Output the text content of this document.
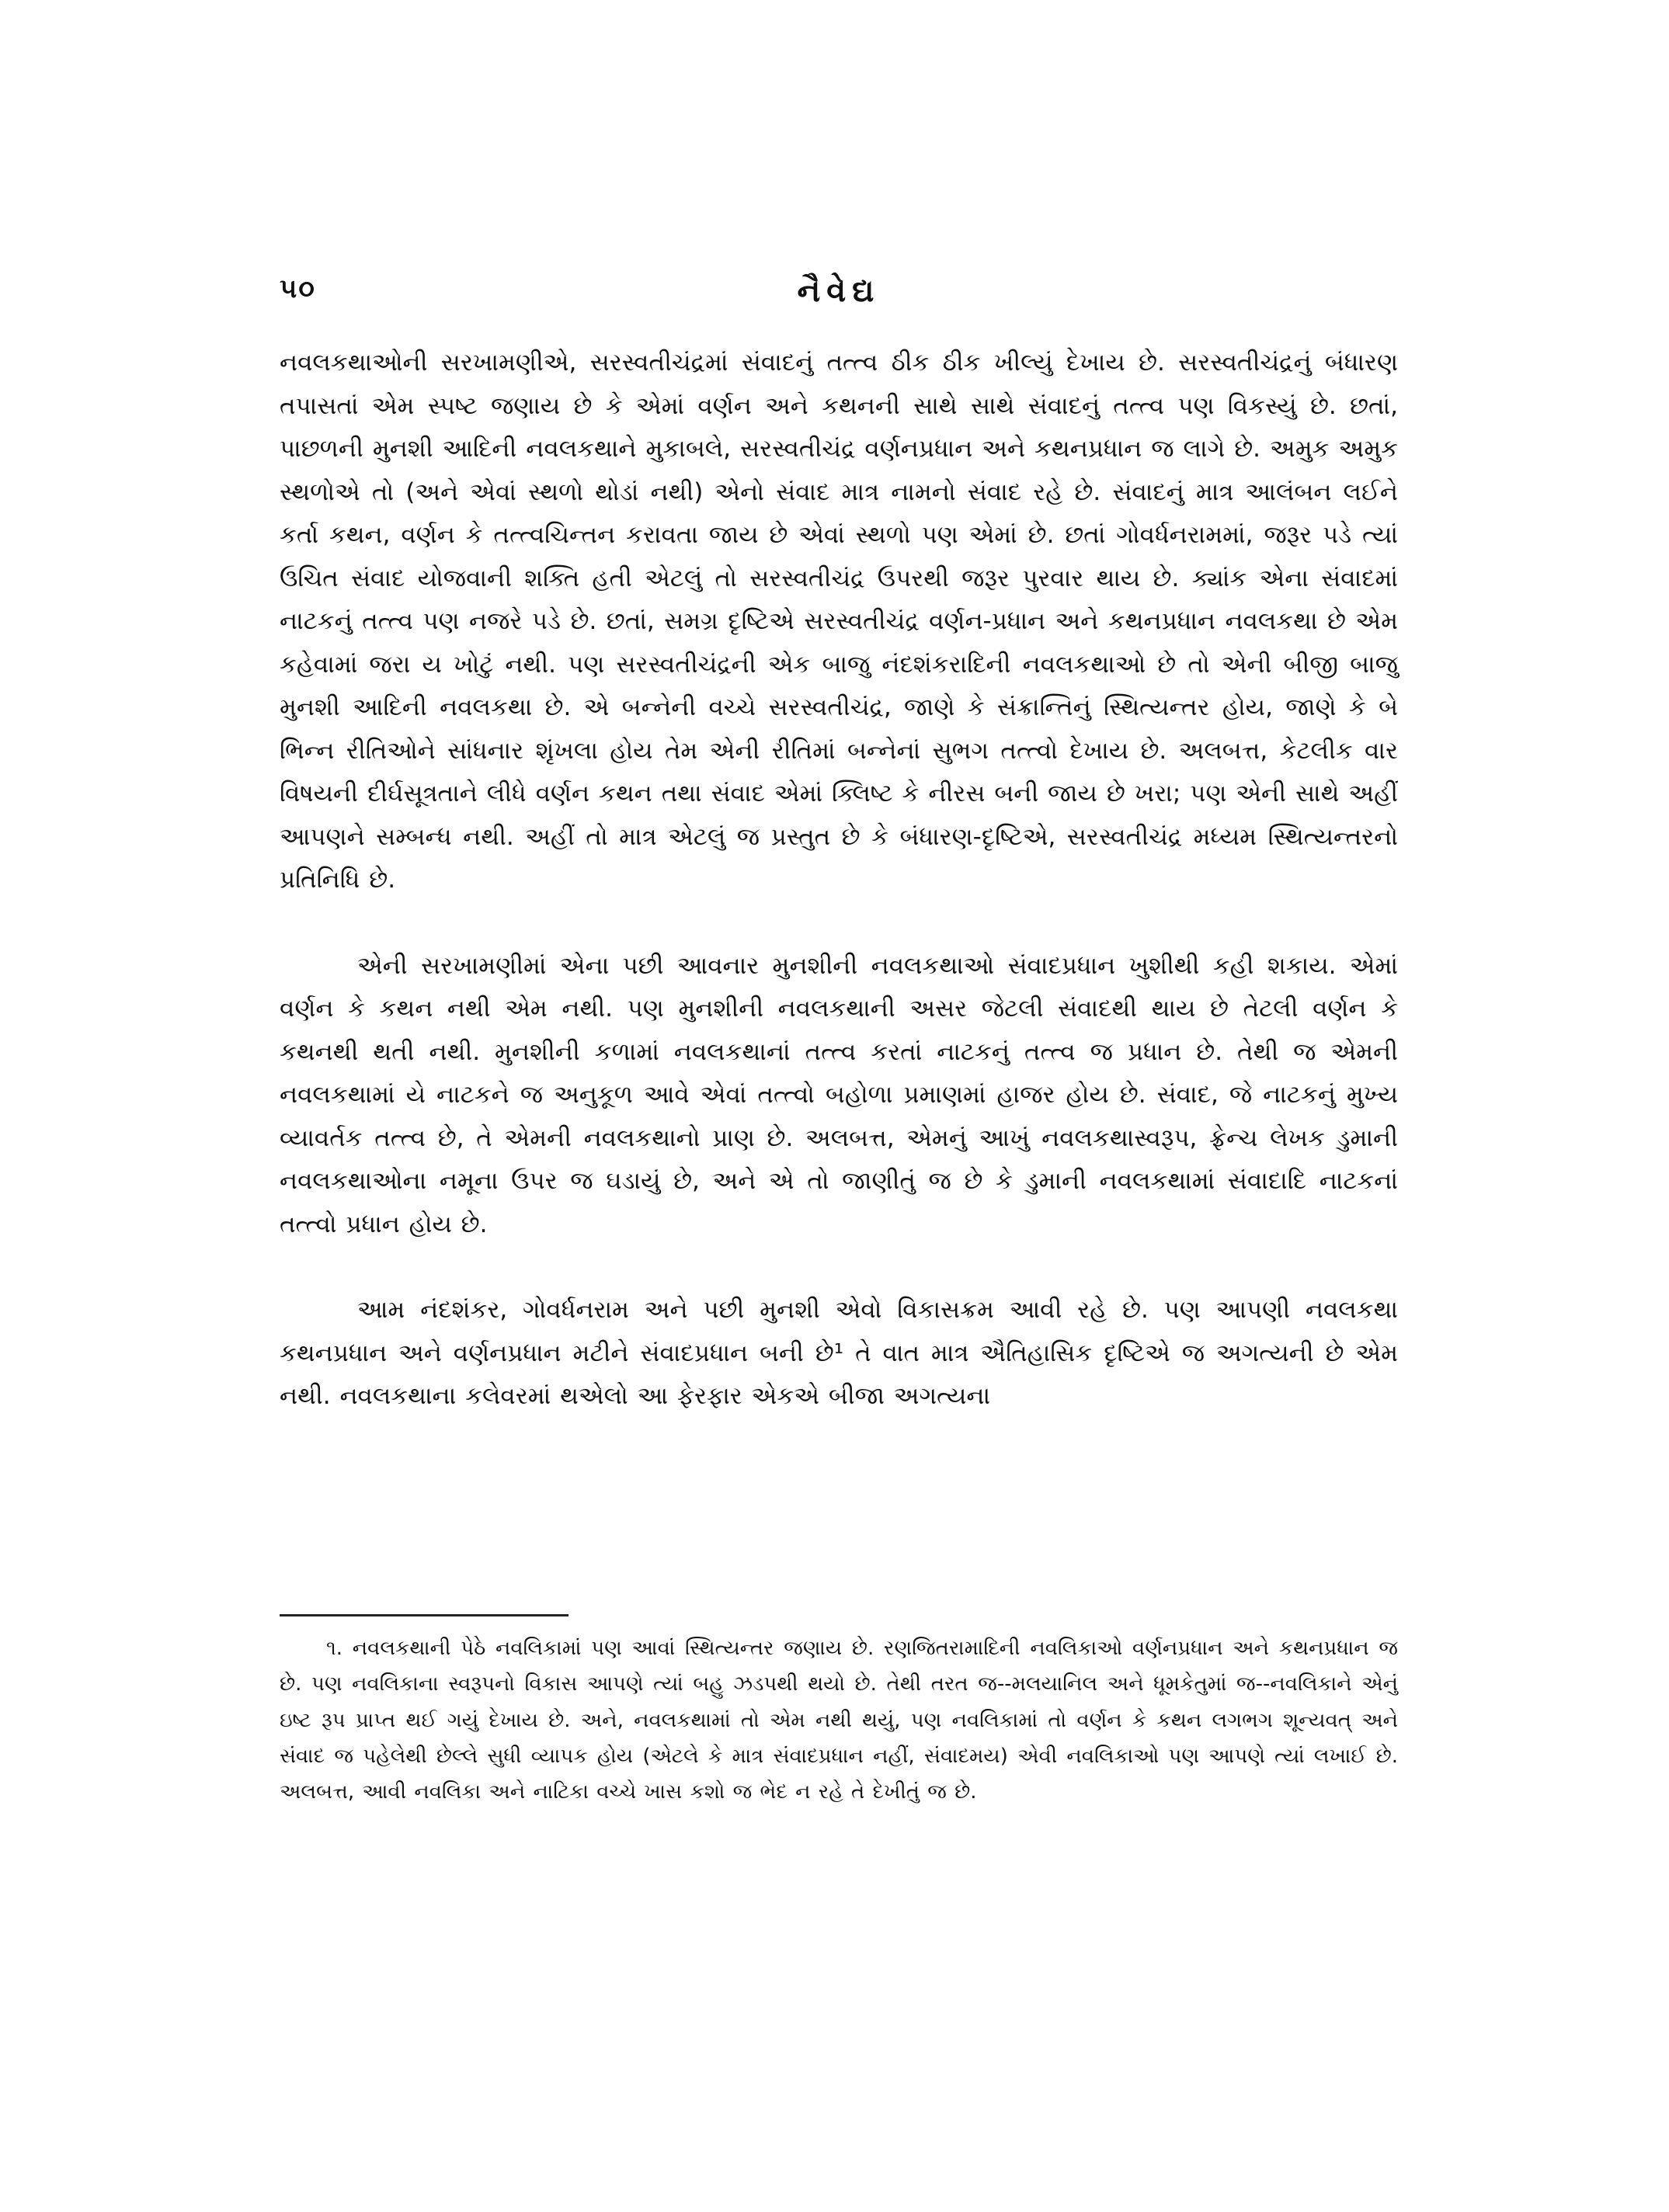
૫૦	નૈવેદ્ય

નવલકથાઓની સરખામણીએ, સરસ્વતીચંદ્રમાં સંવાદનું તત્ત્વ ઠીક ઠીક ખીલ્યું દેખાય છે. સરસ્વતીચંદ્રનું બંધારણ તપાસતાં એમ સ્પષ્ટ જણાય છે કે એમાં વર્ણન અને કથનની સાથે સાથે સંવાદનું તત્ત્વ પણ વિકસ્યું છે. છતાં, પાછળની મુનશી આદિની નવલકથાને મુકાબલે, સરસ્વતીચંદ્ર વર્ણનપ્રધાન અને કથનપ્રધાન જ લાગે છે. અમુક અમુક સ્થળોએ તો (અને એવાં સ્થળો થોડાં નથી) એનો સંવાદ માત્ર નામનો સંવાદ રહે છે. સંવાદનું માત્ર આલંબન લઈને કર્તા કથન, વર્ણન કે તત્ત્વચિન્તન કરાવતા જાય છે એવાં સ્થળો પણ એમાં છે. છતાં ગોવર્ધનરામમાં, જરૂર પડે ત્યાં ઉચિત સંવાદ યોજવાની શક્તિ હતી એટલું તો સરસ્વતીચંદ્ર ઉપરથી જરૂર પુરવાર થાય છે. ક્યાંક એના સંવાદમાં નાટકનું તત્ત્વ પણ નજરે પડે છે. છતાં, સમગ્ર દૃષ્ટિએ સરસ્વતીચંદ્ર વર્ણન-પ્રધાન અને કથનપ્રધાન નવલકથા છે એમ કહેવામાં જરા ય ખોટું નથી. પણ સરસ્વતીચંદ્રની એક બાજુ નંદશંકરાદિની નવલકથાઓ છે તો એની બીજી બાજુ મુનશી આદિની નવલકથા છે. એ બન્નેની વચ્ચે સરસ્વતીચંદ્ર, જાણે કે સંક્રાન્તિનું સ્થિત્યન્તર હોય, જાણે કે બે ભિન્ન રીતિઓને સાંધનાર શૃંખલા હોય તેમ એની રીતિમાં બન્નેનાં સુભગ તત્ત્વો દેખાય છે. અલબત્ત, કેટલીક વાર વિષયની દીર્ઘસૂત્રતાને લીધે વર્ણન કથન તથા સંવાદ એમાં ક્લિષ્ટ કે નીરસ બની જાય છે ખરા; પણ એની સાથે અહીં આપણને સમ્બન્ધ નથી. અહીં તો માત્ર એટલું જ પ્રસ્તુત છે કે બંધારણ-દૃષ્ટિએ, સરસ્વતીચંદ્ર મધ્યમ સ્થિત્યન્તરનો પ્રતિનિધિ છે.

એની સરખામણીમાં એના પછી આવનાર મુનશીની નવલકથાઓ સંવાદપ્રધાન ખુશીથી કહી શકાય. એમાં વર્ણન કે કથન નથી એમ નથી. પણ મુનશીની નવલકથાની અસર જેટલી સંવાદથી થાય છે તેટલી વર્ણન કે કથનથી થતી નથી. મુનશીની કળામાં નવલકથાનાં તત્ત્વ કરતાં નાટકનું તત્ત્વ જ પ્રધાન છે. તેથી જ એમની નવલકથામાં યે નાટકને જ અનુકૂળ આવે એવાં તત્ત્વો બહોળા પ્રમાણમાં હાજર હોય છે. સંવાદ, જે નાટકનું મુખ્ય વ્યાવર્તક તત્ત્વ છે, તે એમની નવલકથાનો પ્રાણ છે. અલબત્ત, એમનું આખું નવલકથાસ્વરૂપ, ફ્રેન્ચ લેખક ડુમાની નવલકથાઓના નમૂના ઉપર જ ઘડાયું છે, અને એ તો જાણીતું જ છે કે ડુમાની નવલકથામાં સંવાદાદિ નાટકનાં તત્ત્વો પ્રધાન હોય છે.

આમ નંદશંકર, ગોવર્ધનરામ અને પછી મુનશી એવો વિકાસક્રમ આવી રહે છે. પણ આપણી નવલકથા કથનપ્રધાન અને વર્ણનપ્રધાન મટીને સંવાદપ્રધાન બની છે¹ તે વાત માત્ર ઐતિહાસિક દૃષ્ટિએ જ અગત્યની છે એમ નથી. નવલકથાના કલેવરમાં થએલો આ ફેરફાર એકએ બીજા અગત્યના

૧. નવલકથાની પેઠે નવલિકામાં પણ આવાં સ્થિત્યન્તર જણાય છે. રણજિતરામાદિની નવલિકાઓ વર્ણનપ્રધાન અને કથનપ્રધાન જ છે. પણ નવલિકાના સ્વરૂપનો વિકાસ આપણે ત્યાં બહુ ઝડપથી થયો છે. તેથી તરત જ--મલયાનિલ અને ધૂમકેતુમાં જ--નવલિકાને એનું ઇષ્ટ રૂપ પ્રાપ્ત થઈ ગયું દેખાય છે. અને, નવલકથામાં તો એમ નથી થયું, પણ નવલિકામાં તો વર્ણન કે કથન લગભગ શૂન્યવત્ અને સંવાદ જ પહેલેથી છેલ્લે સુધી વ્યાપક હોય (એટલે કે માત્ર સંવાદપ્રધાન નહીં, સંવાદમય) એવી નવલિકાઓ પણ આપણે ત્યાં લખાઈ છે. અલબત્ત, આવી નવલિકા અને નાટિકા વચ્ચે ખાસ કશો જ ભેદ ન રહે તે દેખીતું જ છે.
